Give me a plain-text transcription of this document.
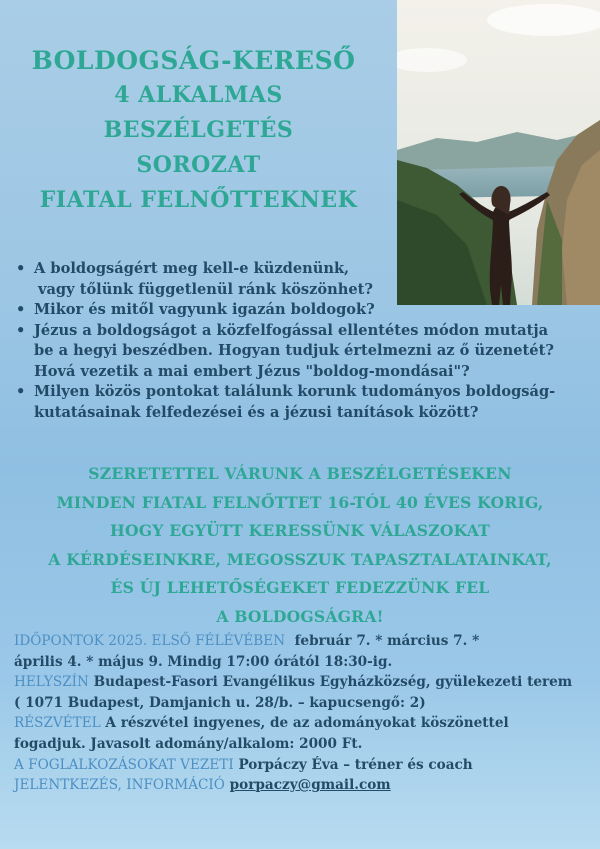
BOLDOGSÁG-KERESŐ
4 ALKALMAS
BESZÉLGETÉS
SOROZAT
FIATAL FELNŐTTEKNEK
• A boldogságért meg kell-e küzdenünk,
vagy tőlünk függetlenül ránk köszönhet?
• Mikor és mitől vagyunk igazán boldogok?
• Jézus a boldogságot a közfelfogással ellentétes módon mutatja
be a hegyi beszédben. Hogyan tudjuk értelmezni az ő üzenetét?
Hová vezetik a mai embert Jézus "boldog-mondásai"?
• Milyen közös pontokat találunk korunk tudományos boldogság-
kutatásainak felfedezései és a jézusi tanítások között?
SZERETETTEL VÁRUNK A BESZÉLGETÉSEKEN
MINDEN FIATAL FELNŐTTET 16-TÓL 40 ÉVES KORIG,
HOGY EGYÜTT KERESSÜNK VÁLASZOKAT
A KÉRDÉSEINKRE, MEGOSSZUK TAPASZTALATAINKAT,
ÉS ÚJ LEHETŐSÉGEKET FEDEZZÜNK FEL
A BOLDOGSÁGRA!
IDŐPONTOK 2025. ELSŐ FÉLÉVÉBEN február 7. * március 7. *
április 4. * május 9. Mindig 17:00 órától 18:30-ig.
HELYSZÍN Budapest-Fasori Evangélikus Egyházközség, gyülekezeti terem
( 1071 Budapest, Damjanich u. 28/b. – kapucsengő: 2)
RÉSZVÉTEL A részvétel ingyenes, de az adományokat köszönettel
fogadjuk. Javasolt adomány/alkalom: 2000 Ft.
A FOGLALKOZÁSOKAT VEZETI Porpáczy Éva – tréner és coach
JELENTKEZÉS, INFORMÁCIÓ porpaczy@gmail.com
